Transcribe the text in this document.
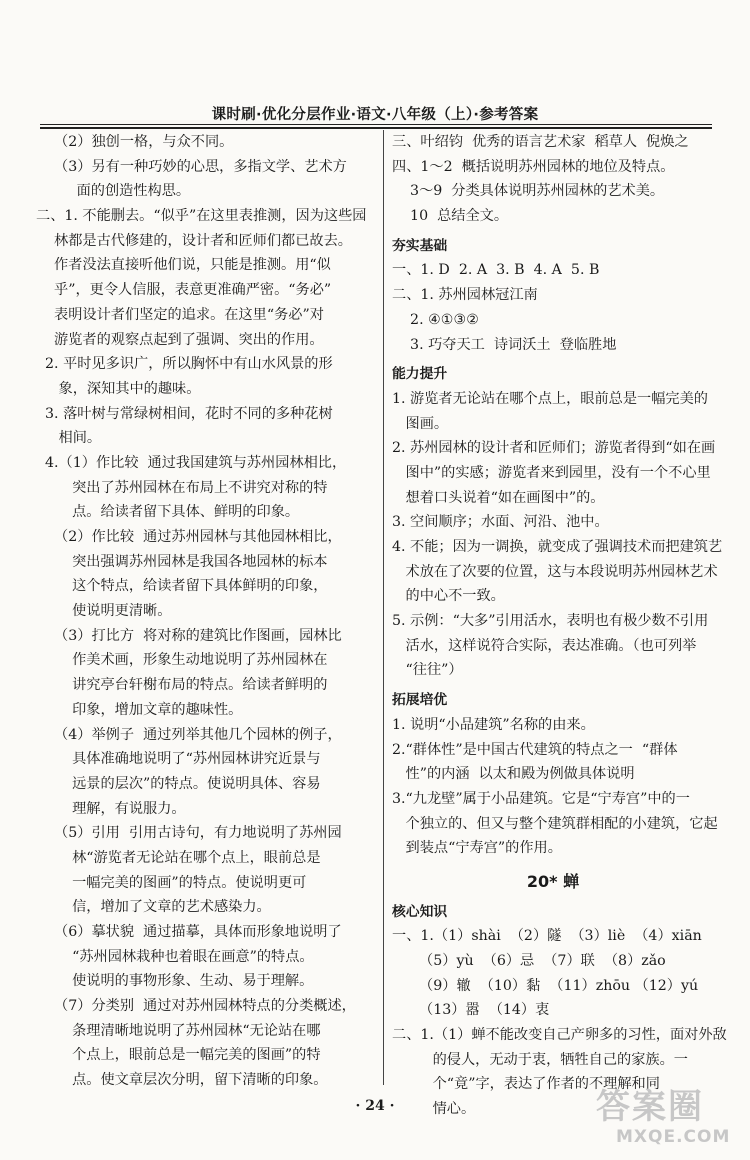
课时刷·优化分层作业·语文·八年级（上）·参考答案
（2）独创一格，与众不同。
（3）另有一种巧妙的心思，多指文学、艺术方
面的创造性构思。
二、1. 不能删去。“似乎”在这里表推测，因为这些园
林都是古代修建的，设计者和匠师们都已故去。
作者没法直接听他们说，只能是推测。用“似
乎”，更令人信服，表意更准确严密。“务必”
表明设计者们坚定的追求。在这里“务必”对
游览者的观察点起到了强调、突出的作用。
2. 平时见多识广，所以胸怀中有山水风景的形
象，深知其中的趣味。
3. 落叶树与常绿树相间，花时不同的多种花树
相间。
4.（1）作比较  通过我国建筑与苏州园林相比，
突出了苏州园林在布局上不讲究对称的特
点。给读者留下具体、鲜明的印象。
（2）作比较  通过苏州园林与其他园林相比，
突出强调苏州园林是我国各地园林的标本
这个特点，给读者留下具体鲜明的印象，
使说明更清晰。
（3）打比方  将对称的建筑比作图画，园林比
作美术画，形象生动地说明了苏州园林在
讲究亭台轩榭布局的特点。给读者鲜明的
印象，增加文章的趣味性。
（4）举例子  通过列举其他几个园林的例子，
具体准确地说明了“苏州园林讲究近景与
远景的层次”的特点。使说明具体、容易
理解，有说服力。
（5）引用  引用古诗句，有力地说明了苏州园
林“游览者无论站在哪个点上，眼前总是
一幅完美的图画”的特点。使说明更可
信，增加了文章的艺术感染力。
（6）摹状貌  通过描摹，具体而形象地说明了
“苏州园林栽种也着眼在画意”的特点。
使说明的事物形象、生动、易于理解。
（7）分类别  通过对苏州园林特点的分类概述，
条理清晰地说明了苏州园林“无论站在哪
个点上，眼前总是一幅完美的图画”的特
点。使文章层次分明，留下清晰的印象。
三、叶绍钧  优秀的语言艺术家  稻草人  倪焕之
四、1～2  概括说明苏州园林的地位及特点。
3～9  分类具体说明苏州园林的艺术美。
10  总结全文。
夯实基础
一、1. D  2. A  3. B  4. A  5. B
二、1. 苏州园林冠江南
2. ④①③②
3. 巧夺天工  诗词沃土  登临胜地
能力提升
1. 游览者无论站在哪个点上，眼前总是一幅完美的
图画。
2. 苏州园林的设计者和匠师们；游览者得到“如在画
图中”的实感；游览者来到园里，没有一个不心里
想着口头说着“如在画图中”的。
3. 空间顺序；水面、河沿、池中。
4. 不能；因为一调换，就变成了强调技术而把建筑艺
术放在了次要的位置，这与本段说明苏州园林艺术
的中心不一致。
5. 示例：“大多”引用活水，表明也有极少数不引用
活水，这样说符合实际，表达准确。（也可列举
“往往”）
拓展培优
1. 说明“小品建筑”名称的由来。
2.“群体性”是中国古代建筑的特点之一  “群体
性”的内涵  以太和殿为例做具体说明
3.“九龙壁”属于小品建筑。它是“宁寿宫”中的一
个独立的、但又与整个建筑群相配的小建筑，它起
到装点“宁寿宫”的作用。
20* 蝉
核心知识
一、1.（1）shài  （2）隧  （3）liè  （4）xiān
（5）yù  （6）忌  （7）联  （8）zǎo
（9）辙  （10）黏  （11）zhōu （12）yú
（13）嚣  （14）衷
二、1.（1）蝉不能改变自己产卵多的习性，面对外敌
的侵人，无动于衷，牺牲自己的家族。一
个“竟”字，表达了作者的不理解和同
情心。
· 24 ·	答案圈
MXQE.COM
